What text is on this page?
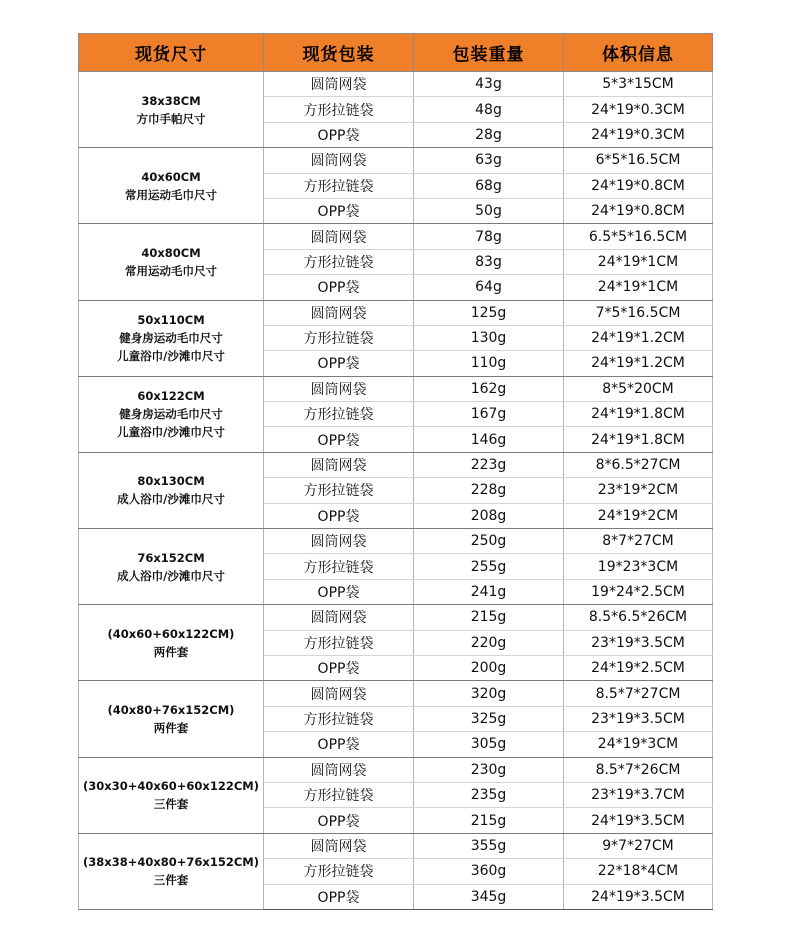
现货尺寸	现货包装	包装重量	体积信息

38x38CM
方巾手帕尺寸	圆筒网袋	43g	5*3*15CM
	方形拉链袋	48g	24*19*0.3CM
	OPP袋	28g	24*19*0.3CM

40x60CM
常用运动毛巾尺寸	圆筒网袋	63g	6*5*16.5CM
	方形拉链袋	68g	24*19*0.8CM
	OPP袋	50g	24*19*0.8CM

40x80CM
常用运动毛巾尺寸	圆筒网袋	78g	6.5*5*16.5CM
	方形拉链袋	83g	24*19*1CM
	OPP袋	64g	24*19*1CM

50x110CM
健身房运动毛巾尺寸
儿童浴巾/沙滩巾尺寸	圆筒网袋	125g	7*5*16.5CM
	方形拉链袋	130g	24*19*1.2CM
	OPP袋	110g	24*19*1.2CM

60x122CM
健身房运动毛巾尺寸
儿童浴巾/沙滩巾尺寸	圆筒网袋	162g	8*5*20CM
	方形拉链袋	167g	24*19*1.8CM
	OPP袋	146g	24*19*1.8CM

80x130CM
成人浴巾/沙滩巾尺寸	圆筒网袋	223g	8*6.5*27CM
	方形拉链袋	228g	23*19*2CM
	OPP袋	208g	24*19*2CM

76x152CM
成人浴巾/沙滩巾尺寸	圆筒网袋	250g	8*7*27CM
	方形拉链袋	255g	19*23*3CM
	OPP袋	241g	19*24*2.5CM

(40x60+60x122CM)
两件套	圆筒网袋	215g	8.5*6.5*26CM
	方形拉链袋	220g	23*19*3.5CM
	OPP袋	200g	24*19*2.5CM

(40x80+76x152CM)
两件套	圆筒网袋	320g	8.5*7*27CM
	方形拉链袋	325g	23*19*3.5CM
	OPP袋	305g	24*19*3CM

(30x30+40x60+60x122CM)
三件套	圆筒网袋	230g	8.5*7*26CM
	方形拉链袋	235g	23*19*3.7CM
	OPP袋	215g	24*19*3.5CM

(38x38+40x80+76x152CM)
三件套	圆筒网袋	355g	9*7*27CM
	方形拉链袋	360g	22*18*4CM
	OPP袋	345g	24*19*3.5CM
